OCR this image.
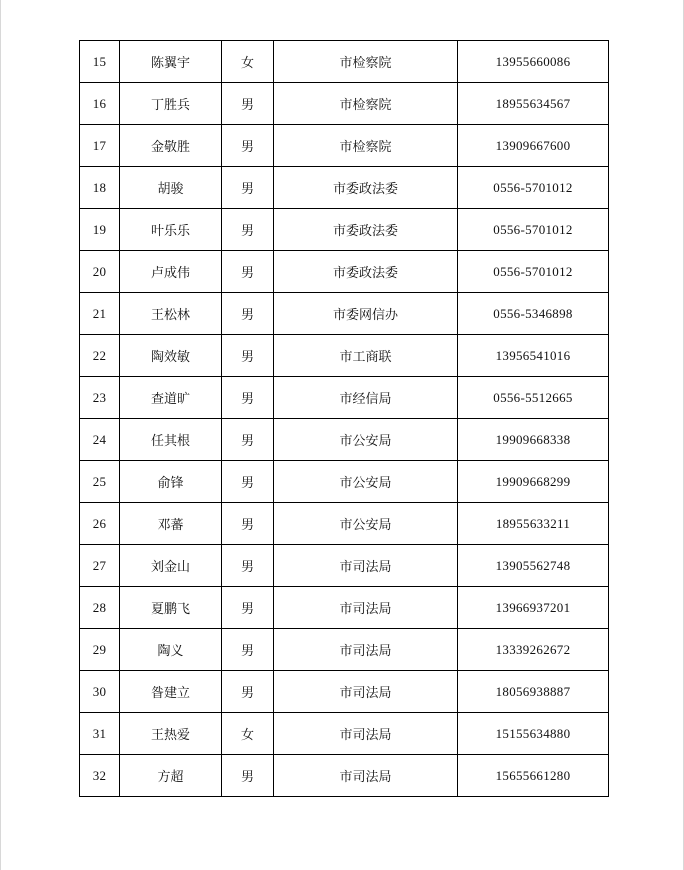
15	陈翼宇	女	市检察院	13955660086
16	丁胜兵	男	市检察院	18955634567
17	金敬胜	男	市检察院	13909667600
18	胡骏	男	市委政法委	0556-5701012
19	叶乐乐	男	市委政法委	0556-5701012
20	卢成伟	男	市委政法委	0556-5701012
21	王松林	男	市委网信办	0556-5346898
22	陶效敏	男	市工商联	13956541016
23	查道旷	男	市经信局	0556-5512665
24	任其根	男	市公安局	19909668338
25	俞锋	男	市公安局	19909668299
26	邓蕃	男	市公安局	18955633211
27	刘金山	男	市司法局	13905562748
28	夏鹏飞	男	市司法局	13966937201
29	陶义	男	市司法局	13339262672
30	昝建立	男	市司法局	18056938887
31	王热爱	女	市司法局	15155634880
32	方超	男	市司法局	15655661280
